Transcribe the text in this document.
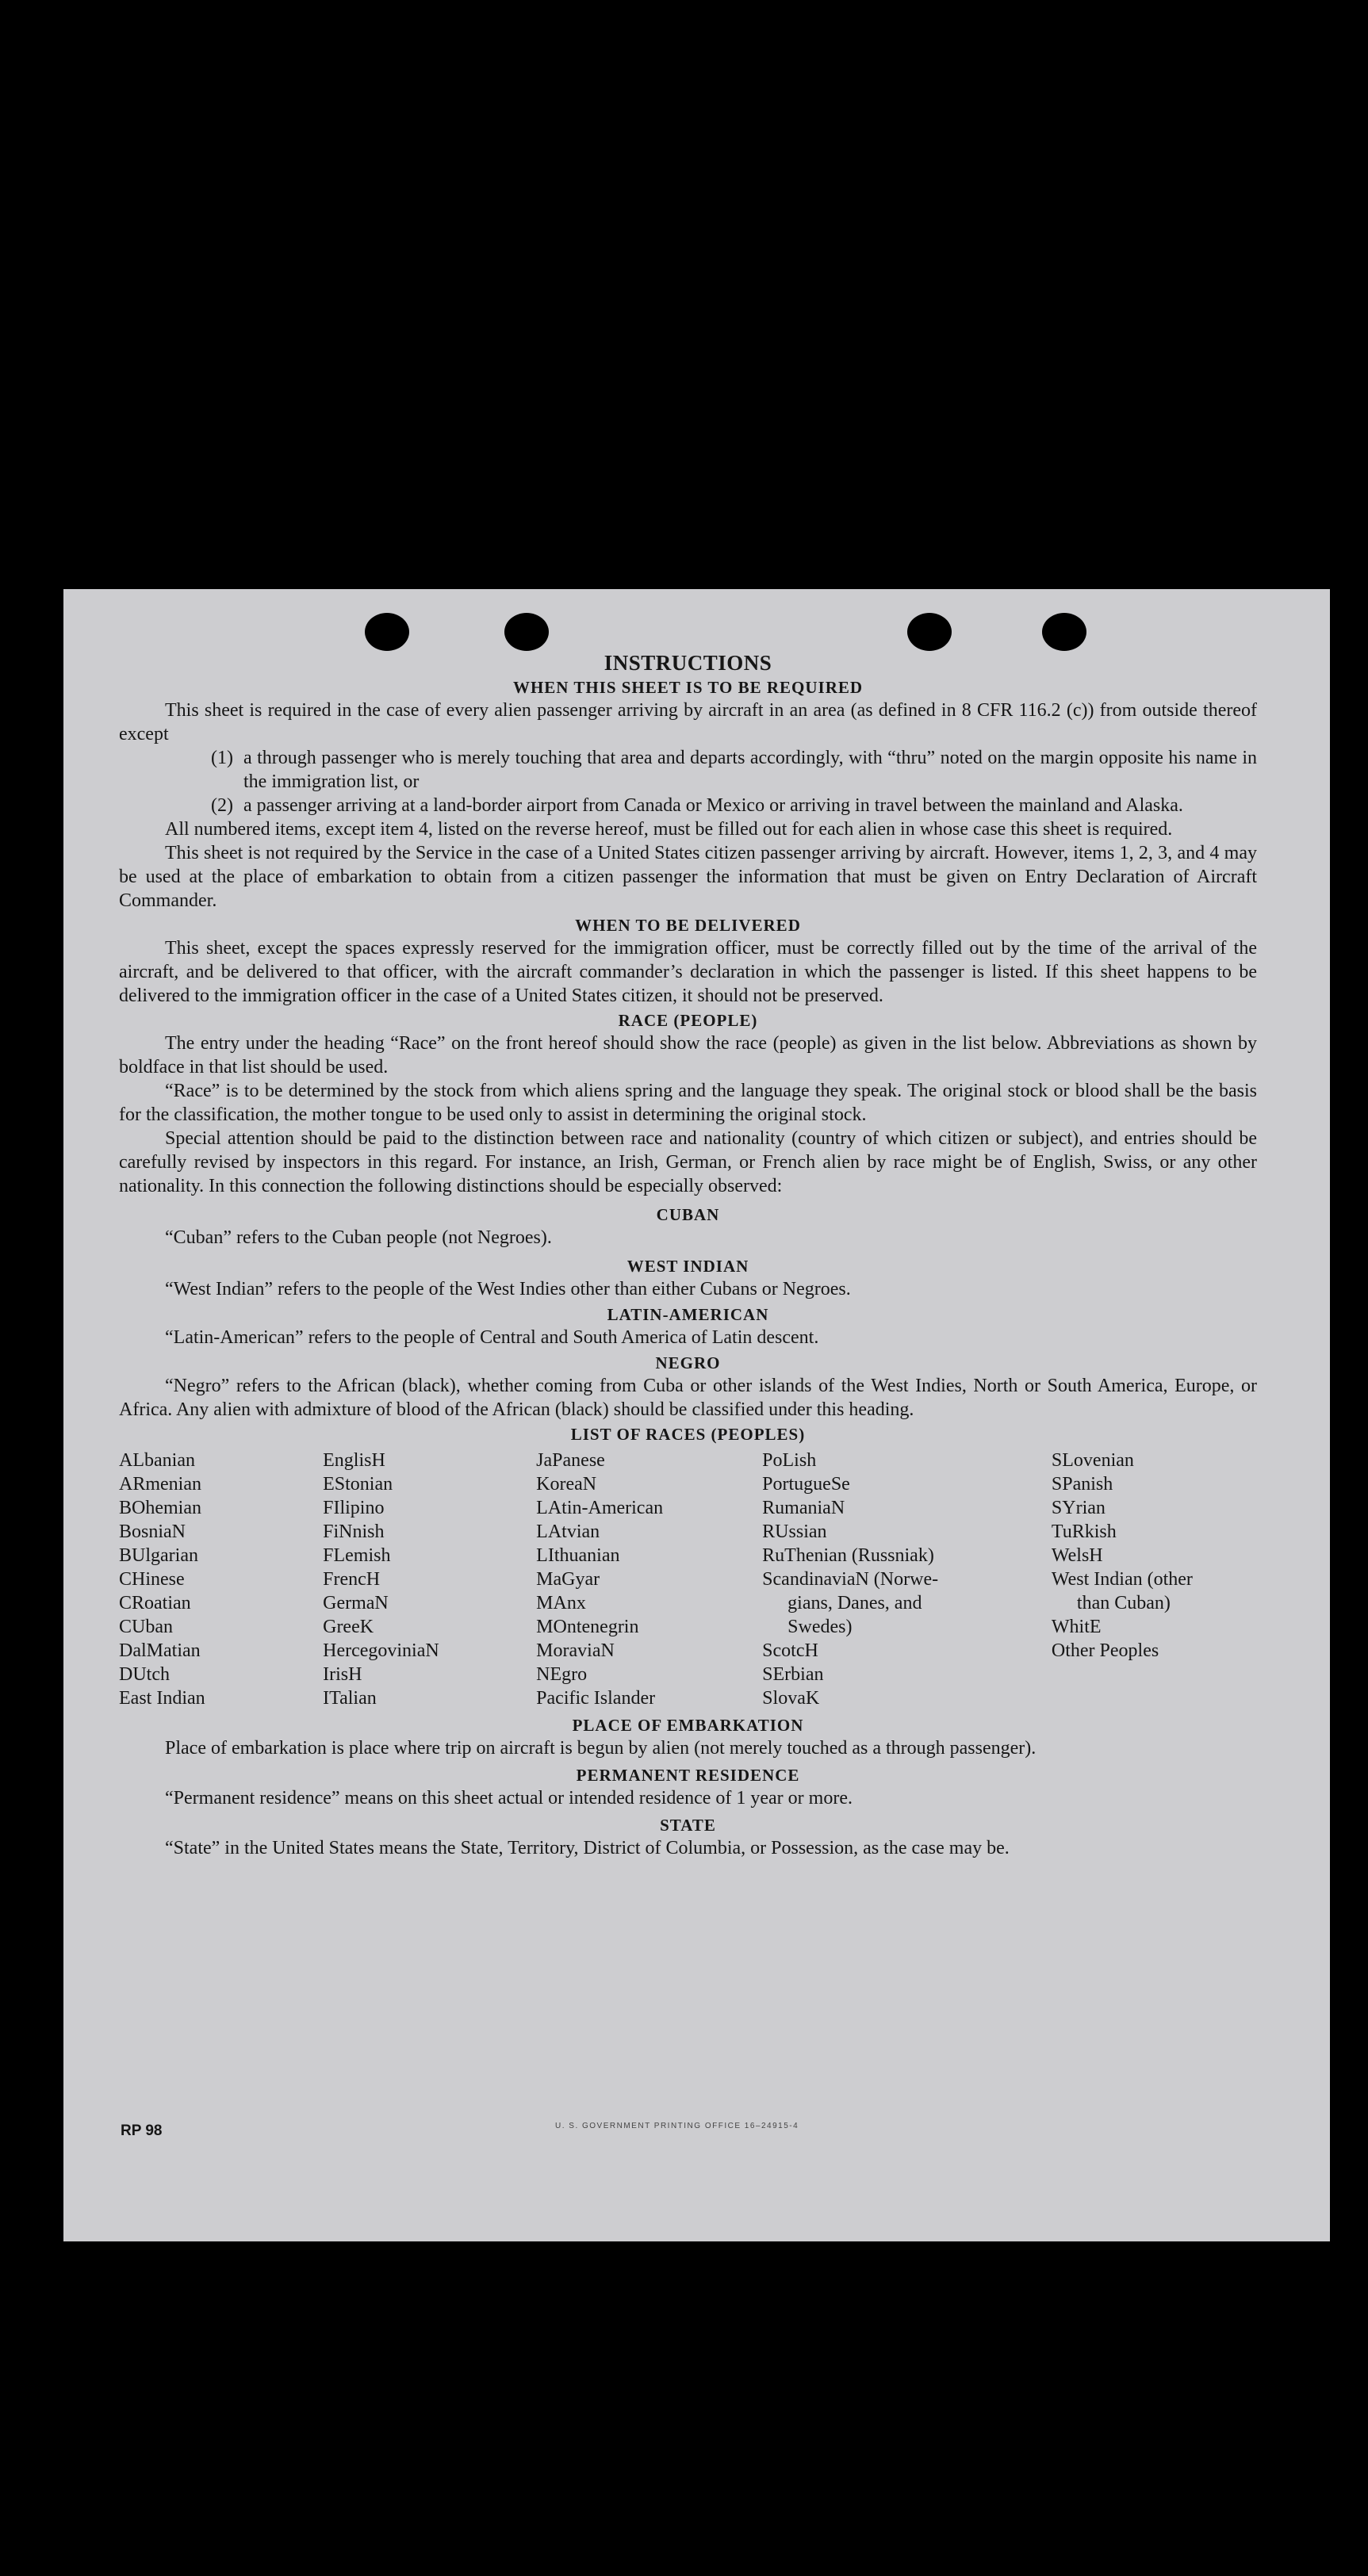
INSTRUCTIONS
WHEN THIS SHEET IS TO BE REQUIRED

This sheet is required in the case of every alien passenger arriving by aircraft in an area (as defined in 8 CFR 116.2 (c)) from outside thereof except

(1) a through passenger who is merely touching that area and departs accordingly, with “thru” noted on the margin opposite his name in the immigration list, or
(2) a passenger arriving at a land-border airport from Canada or Mexico or arriving in travel between the mainland and Alaska.

All numbered items, except item 4, listed on the reverse hereof, must be filled out for each alien in whose case this sheet is required.

This sheet is not required by the Service in the case of a United States citizen passenger arriving by aircraft. However, items 1, 2, 3, and 4 may be used at the place of embarkation to obtain from a citizen passenger the information that must be given on Entry Declaration of Aircraft Commander.

WHEN TO BE DELIVERED

This sheet, except the spaces expressly reserved for the immigration officer, must be correctly filled out by the time of the arrival of the aircraft, and be delivered to that officer, with the aircraft commander’s declaration in which the passenger is listed. If this sheet happens to be delivered to the immigration officer in the case of a United States citizen, it should not be preserved.

RACE (PEOPLE)

The entry under the heading “Race” on the front hereof should show the race (people) as given in the list below. Abbreviations as shown by boldface in that list should be used.

“Race” is to be determined by the stock from which aliens spring and the language they speak. The original stock or blood shall be the basis for the classification, the mother tongue to be used only to assist in determining the original stock.

Special attention should be paid to the distinction between race and nationality (country of which citizen or subject), and entries should be carefully revised by inspectors in this regard. For instance, an Irish, German, or French alien by race might be of English, Swiss, or any other nationality. In this connection the following distinctions should be especially observed:

CUBAN

“Cuban” refers to the Cuban people (not Negroes).

WEST INDIAN

“West Indian” refers to the people of the West Indies other than either Cubans or Negroes.

LATIN-AMERICAN

“Latin-American” refers to the people of Central and South America of Latin descent.

NEGRO

“Negro” refers to the African (black), whether coming from Cuba or other islands of the West Indies, North or South America, Europe, or Africa. Any alien with admixture of blood of the African (black) should be classified under this heading.

LIST OF RACES (PEOPLES)
ALbanian
ARmenian
BOhemian
BosniaN
BUlgarian
CHinese
CRoatian
CUban
DalMatian
DUtch
East Indian
EnglisH
EStonian
FIlipino
FiNnish
FLemish
FrencH
GermaN
GreeK
HercegoviniaN
IrisH
ITalian
JaPanese
KoreaN
LAtin-American
LAtvian
LIthuanian
MaGyar
MAnx
MOntenegrin
MoraviaN
NEgro
Pacific Islander
PoLish
PortugueSe
RumaniaN
RUssian
RuThenian (Russniak)
ScandinaviaN (Norwe-
gians, Danes, and
Swedes)
ScotcH
SErbian
SlovaK
SLovenian
SPanish
SYrian
TuRkish
WelsH
West Indian (other
than Cuban)
WhitE
Other Peoples
PLACE OF EMBARKATION

Place of embarkation is place where trip on aircraft is begun by alien (not merely touched as a through passenger).

PERMANENT RESIDENCE

“Permanent residence” means on this sheet actual or intended residence of 1 year or more.

STATE

“State” in the United States means the State, Territory, District of Columbia, or Possession, as the case may be.

RP 98	U. S. GOVERNMENT PRINTING OFFICE 16–24915-4
